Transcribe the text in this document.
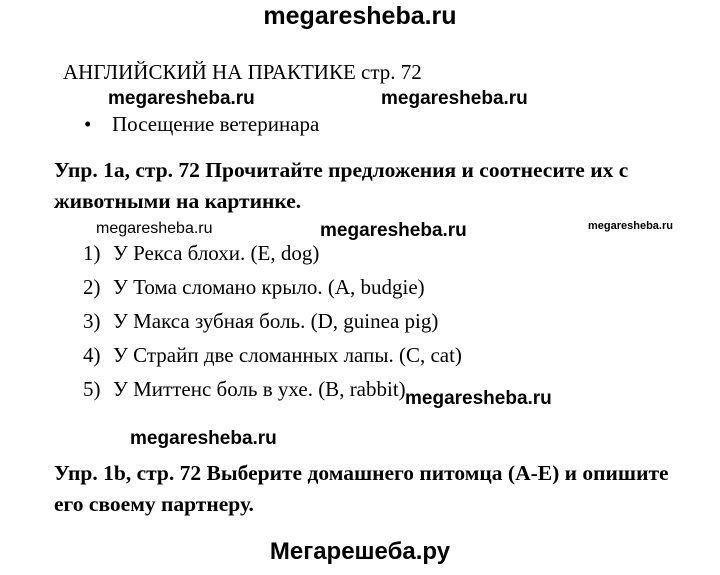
megaresheba.ru
АНГЛИЙСКИЙ НА ПРАКТИКЕ стр. 72
megaresheba.ru	megaresheba.ru
• Посещение ветеринара
Упр. 1а, стр. 72 Прочитайте предложения и соотнесите их с животными на картинке.
megaresheba.ru	megaresheba.ru	megaresheba.ru
1) У Рекса блохи. (E, dog)
2) У Тома сломано крыло. (A, budgie)
3) У Макса зубная боль. (D, guinea pig)
4) У Страйп две сломанных лапы. (C, cat)
5) У Миттенс боль в ухе. (B, rabbit) megaresheba.ru
megaresheba.ru
Упр. 1b, стр. 72 Выберите домашнего питомца (А-Е) и опишите его своему партнеру.
Мегарешеба.ру
